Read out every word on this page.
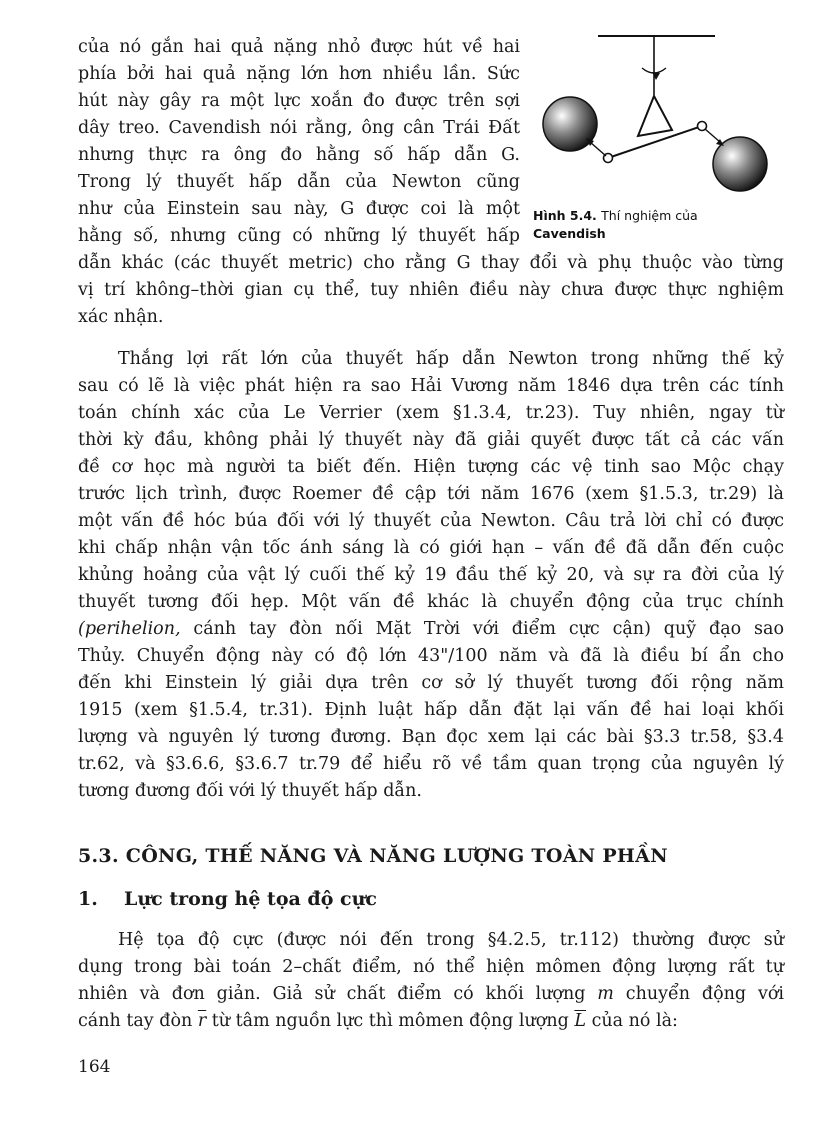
Hình 5.4. Thí nghiệm của
Cavendish
của nó gắn hai quả nặng nhỏ được hút về hai
phía bởi hai quả nặng lớn hơn nhiều lần. Sức
hút này gây ra một lực xoắn đo được trên sợi
dây treo. Cavendish nói rằng, ông cân Trái Đất
nhưng thực ra ông đo hằng số hấp dẫn G.
Trong lý thuyết hấp dẫn của Newton cũng
như của Einstein sau này, G được coi là một
hằng số, nhưng cũng có những lý thuyết hấp
dẫn khác (các thuyết metric) cho rằng G thay đổi và phụ thuộc vào từng
vị trí không–thời gian cụ thể, tuy nhiên điều này chưa được thực nghiệm
xác nhận.
Thắng lợi rất lớn của thuyết hấp dẫn Newton trong những thế kỷ
sau có lẽ là việc phát hiện ra sao Hải Vương năm 1846 dựa trên các tính
toán chính xác của Le Verrier (xem §1.3.4, tr.23). Tuy nhiên, ngay từ
thời kỳ đầu, không phải lý thuyết này đã giải quyết được tất cả các vấn
đề cơ học mà người ta biết đến. Hiện tượng các vệ tinh sao Mộc chạy
trước lịch trình, được Roemer đề cập tới năm 1676 (xem §1.5.3, tr.29) là
một vấn đề hóc búa đối với lý thuyết của Newton. Câu trả lời chỉ có được
khi chấp nhận vận tốc ánh sáng là có giới hạn – vấn đề đã dẫn đến cuộc
khủng hoảng của vật lý cuối thế kỷ 19 đầu thế kỷ 20, và sự ra đời của lý
thuyết tương đối hẹp. Một vấn đề khác là chuyển động của trục chính
(perihelion, cánh tay đòn nối Mặt Trời với điểm cực cận) quỹ đạo sao
Thủy. Chuyển động này có độ lớn 43"/100 năm và đã là điều bí ẩn cho
đến khi Einstein lý giải dựa trên cơ sở lý thuyết tương đối rộng năm
1915 (xem §1.5.4, tr.31). Định luật hấp dẫn đặt lại vấn đề hai loại khối
lượng và nguyên lý tương đương. Bạn đọc xem lại các bài §3.3 tr.58, §3.4
tr.62, và §3.6.6, §3.6.7 tr.79 để hiểu rõ về tầm quan trọng của nguyên lý
tương đương đối với lý thuyết hấp dẫn.
5.3. CÔNG, THẾ NĂNG VÀ NĂNG LƯỢNG TOÀN PHẦN
1. Lực trong hệ tọa độ cực
Hệ tọa độ cực (được nói đến trong §4.2.5, tr.112) thường được sử
dụng trong bài toán 2–chất điểm, nó thể hiện mômen động lượng rất tự
nhiên và đơn giản. Giả sử chất điểm có khối lượng m chuyển động với
cánh tay đòn $\overline{r}$ từ tâm nguồn lực thì mômen động lượng $\overline{L}$ của nó là:
164
